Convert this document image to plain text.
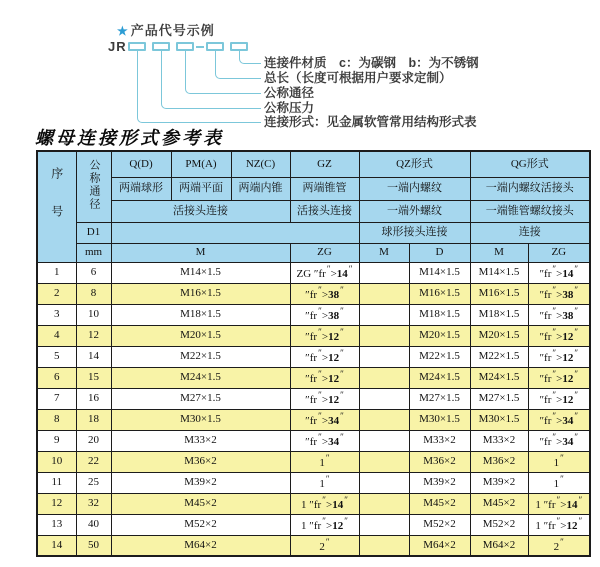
★ 产品代号示例
JR
连接件材质　c：为碳钢　b：为不锈钢
总长（长度可根据用户要求定制）
公称通径
公称压力
连接形式：见金属软管常用结构形式表
螺母连接形式参考表
序号	公称通径	Q(D)	PM(A)	NZ(C)	GZ	QZ形式		QG形式	
		两端球形	两端平面	两端内锥	两端锥管	一端内螺纹		一端内螺纹活接头	
		活接头连接			活接头连接	一端外螺纹		一端锥管螺纹接头	
	D1					球形接头连接		连接	
	mm	M			ZG	M	D	M	ZG
1	6	M14×1.5			ZG ″fr″>14″		M14×1.5	M14×1.5	″fr″>14″
2	8	M16×1.5			″fr″>38″		M16×1.5	M16×1.5	″fr″>38″
3	10	M18×1.5			″fr″>38″		M18×1.5	M18×1.5	″fr″>38″
4	12	M20×1.5			″fr″>12″		M20×1.5	M20×1.5	″fr″>12″
5	14	M22×1.5			″fr″>12″		M22×1.5	M22×1.5	″fr″>12″
6	15	M24×1.5			″fr″>12″		M24×1.5	M24×1.5	″fr″>12″
7	16	M27×1.5			″fr″>12″		M27×1.5	M27×1.5	″fr″>12″
8	18	M30×1.5			″fr″>34″		M30×1.5	M30×1.5	″fr″>34″
9	20	M33×2			″fr″>34″		M33×2	M33×2	″fr″>34″
10	22	M36×2			1″		M36×2	M36×2	1″
11	25	M39×2			1″		M39×2	M39×2	1″
12	32	M45×2			1 ″fr″>14″		M45×2	M45×2	1 ″fr″>14″
13	40	M52×2			1 ″fr″>12″		M52×2	M52×2	1 ″fr″>12″
14	50	M64×2			2″		M64×2	M64×2	2″
